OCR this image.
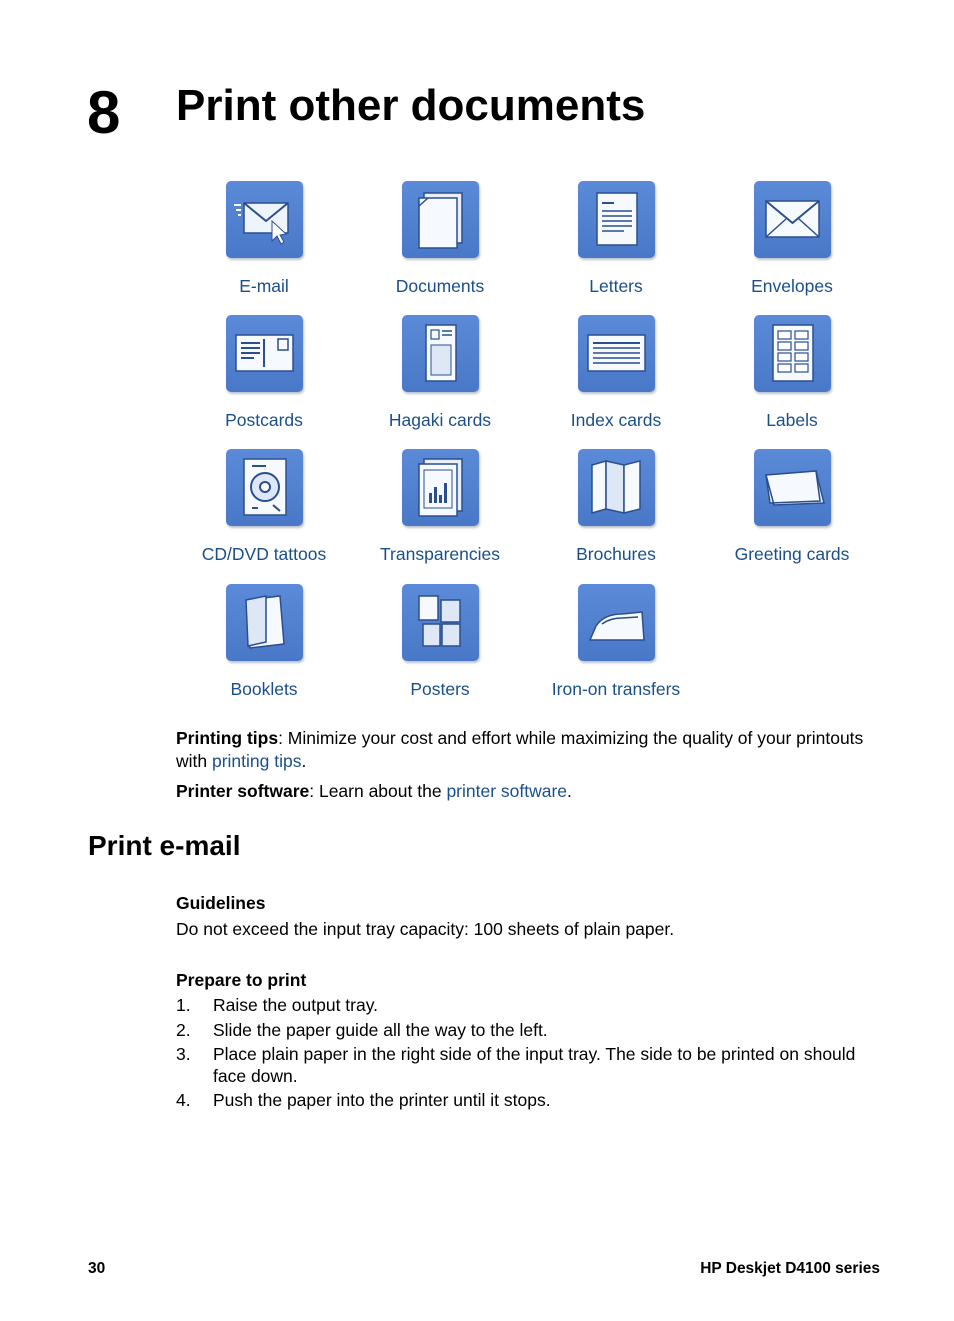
8 Print other documents
E-mail	Documents	Letters	Envelopes
Postcards	Hagaki cards	Index cards	Labels
CD/DVD tattoos	Transparencies	Brochures	Greeting cards
Booklets	Posters	Iron-on transfers
Printing tips: Minimize your cost and effort while maximizing the quality of your printouts with printing tips.
Printer software: Learn about the printer software.
Print e-mail
Guidelines
Do not exceed the input tray capacity: 100 sheets of plain paper.
Prepare to print
1. Raise the output tray.
2. Slide the paper guide all the way to the left.
3. Place plain paper in the right side of the input tray. The side to be printed on should face down.
4. Push the paper into the printer until it stops.
30	HP Deskjet D4100 series
